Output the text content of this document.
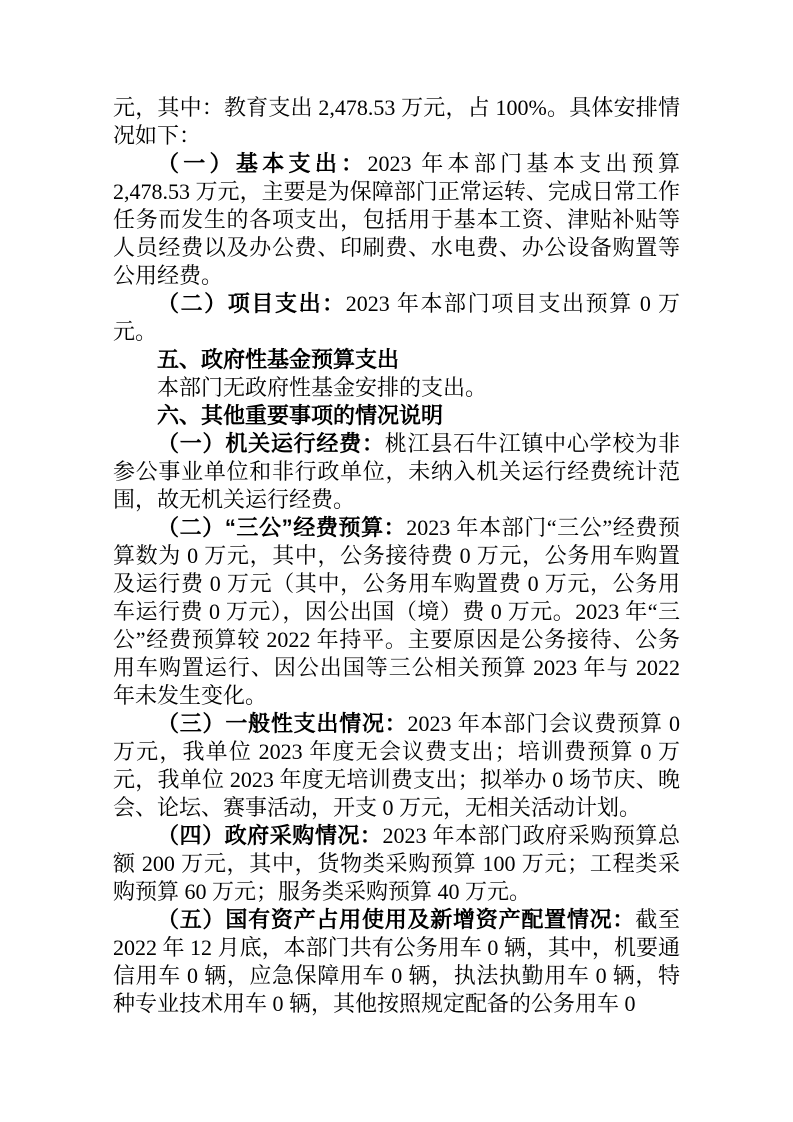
元，其中：教育支出 2,478.53 万元，占 100%。具体安排情况如下：

（一）基本支出：2023 年本部门基本支出预算 2,478.53 万元，主要是为保障部门正常运转、完成日常工作任务而发生的各项支出，包括用于基本工资、津贴补贴等人员经费以及办公费、印刷费、水电费、办公设备购置等公用经费。

（二）项目支出：2023 年本部门项目支出预算 0 万元。

五、政府性基金预算支出

本部门无政府性基金安排的支出。

六、其他重要事项的情况说明

（一）机关运行经费：桃江县石牛江镇中心学校为非参公事业单位和非行政单位，未纳入机关运行经费统计范围，故无机关运行经费。

（二）“三公”经费预算：2023 年本部门“三公”经费预算数为 0 万元，其中，公务接待费 0 万元，公务用车购置及运行费 0 万元（其中，公务用车购置费 0 万元，公务用车运行费 0 万元），因公出国（境）费 0 万元。2023 年“三公”经费预算较 2022 年持平。主要原因是公务接待、公务用车购置运行、因公出国等三公相关预算 2023 年与 2022 年未发生变化。

（三）一般性支出情况：2023 年本部门会议费预算 0 万元，我单位 2023 年度无会议费支出；培训费预算 0 万元，我单位 2023 年度无培训费支出；拟举办 0 场节庆、晚会、论坛、赛事活动，开支 0 万元，无相关活动计划。

（四）政府采购情况：2023 年本部门政府采购预算总额 200 万元，其中，货物类采购预算 100 万元；工程类采购预算 60 万元；服务类采购预算 40 万元。

（五）国有资产占用使用及新增资产配置情况：截至 2022 年 12 月底，本部门共有公务用车 0 辆，其中，机要通信用车 0 辆，应急保障用车 0 辆，执法执勤用车 0 辆，特种专业技术用车 0 辆，其他按照规定配备的公务用车 0
